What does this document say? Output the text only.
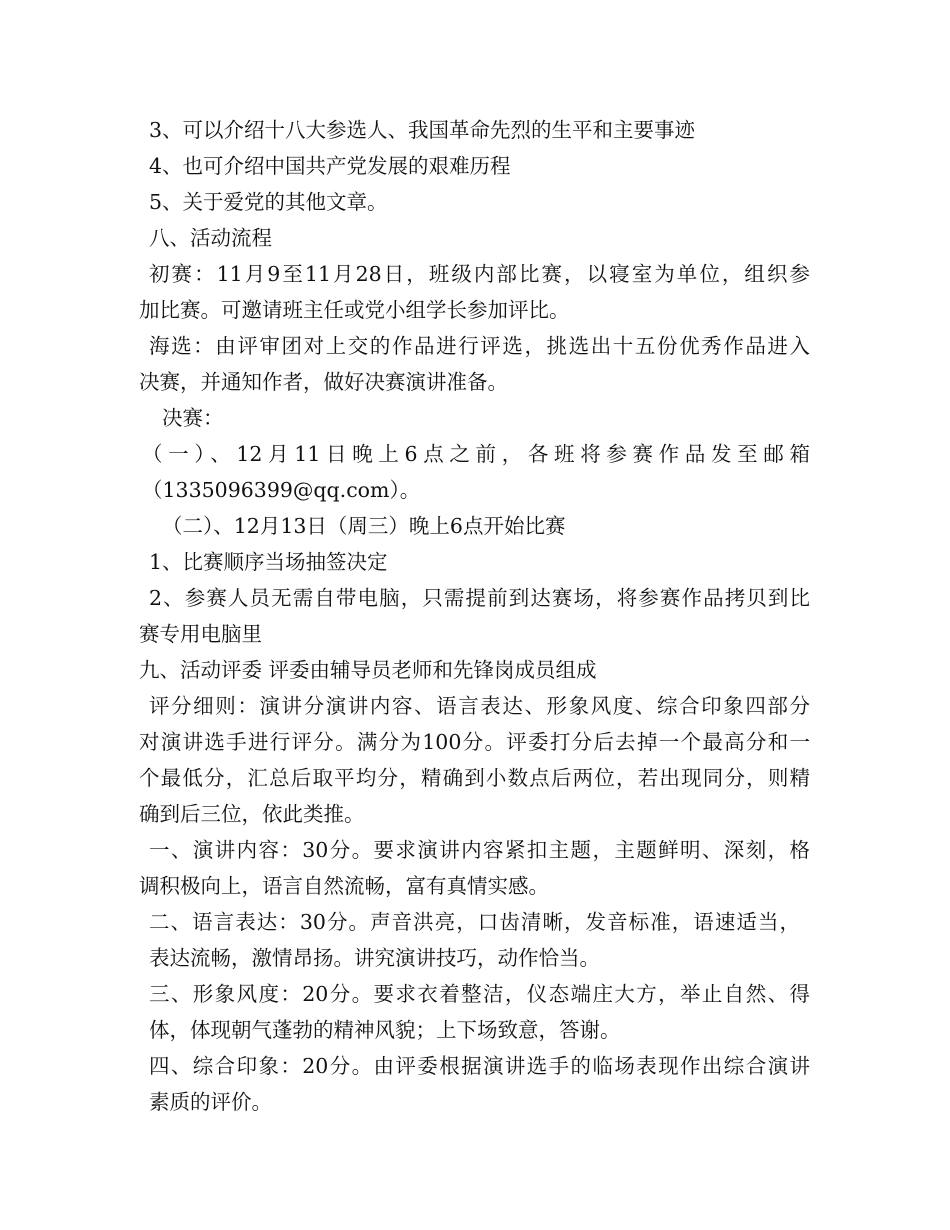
3、可以介绍十八大参选人、我国革命先烈的生平和主要事迹
4、也可介绍中国共产党发展的艰难历程
5、关于爱党的其他文章。
八、活动流程
初赛：11月9至11月28日，班级内部比赛，以寝室为单位，组织参
加比赛。可邀请班主任或党小组学长参加评比。
海选：由评审团对上交的作品进行评选，挑选出十五份优秀作品进入
决赛，并通知作者，做好决赛演讲准备。
决赛：
（一）、12月11日晚上6点之前，各班将参赛作品发至邮箱
（1335096399@qq.com）。
（二）、12月13日（周三）晚上6点开始比赛
1、比赛顺序当场抽签决定
2、参赛人员无需自带电脑，只需提前到达赛场，将参赛作品拷贝到比
赛专用电脑里
九、活动评委 评委由辅导员老师和先锋岗成员组成
评分细则：演讲分演讲内容、语言表达、形象风度、综合印象四部分
对演讲选手进行评分。满分为100分。评委打分后去掉一个最高分和一
个最低分，汇总后取平均分，精确到小数点后两位，若出现同分，则精
确到后三位，依此类推。
一、演讲内容：30分。要求演讲内容紧扣主题，主题鲜明、深刻，格
调积极向上，语言自然流畅，富有真情实感。
二、语言表达：30分。声音洪亮，口齿清晰，发音标准，语速适当，
表达流畅，激情昂扬。讲究演讲技巧，动作恰当。
三、形象风度：20分。要求衣着整洁，仪态端庄大方，举止自然、得
体，体现朝气蓬勃的精神风貌；上下场致意，答谢。
四、综合印象：20分。由评委根据演讲选手的临场表现作出综合演讲
素质的评价。
